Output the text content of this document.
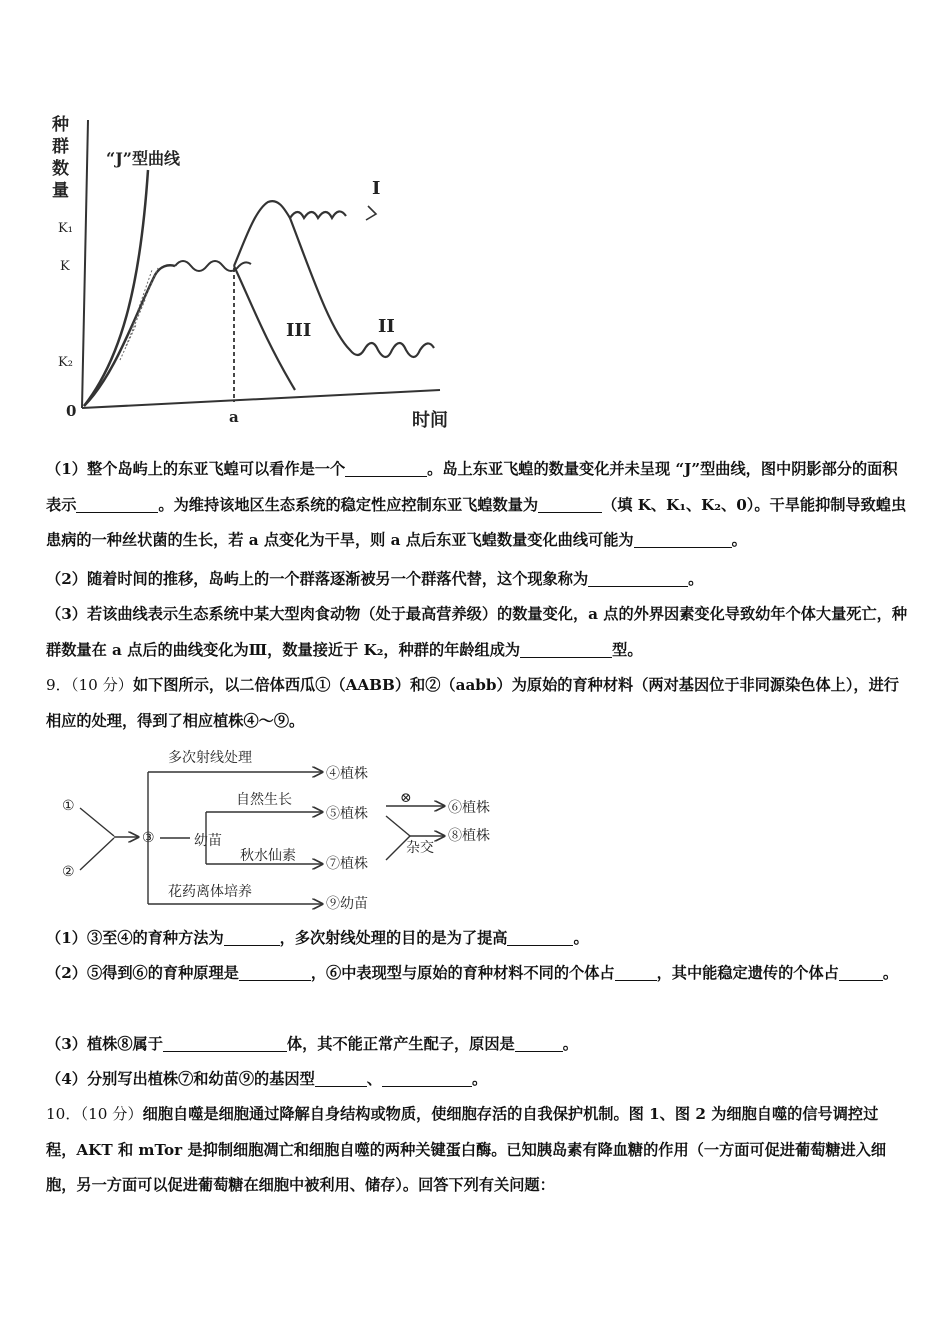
种
群
数
量
K₁
K
K₂
0	a	时间
“J”型曲线
I
II
III
（1）整个岛屿上的东亚飞蝗可以看作是一个	。岛上东亚飞蝗的数量变化并未呈现 “J”型曲线，图中阴影部分的面积表示	。为维持该地区生态系统的稳定性应控制东亚飞蝗数量为	（填 K、K₁、K₂、0）。干旱能抑制导致蝗虫患病的一种丝状菌的生长，若 a 点变化为干旱，则 a 点后东亚飞蝗数量变化曲线可能为	。
（2）随着时间的推移，岛屿上的一个群落逐渐被另一个群落代替，这个现象称为	。
（3）若该曲线表示生态系统中某大型肉食动物（处于最高营养级）的数量变化，a 点的外界因素变化导致幼年个体大量死亡，种群数量在 a 点后的曲线变化为Ⅲ，数量接近于 K₂，种群的年龄组成为	型。
9．（10 分）如下图所示，以二倍体西瓜①（AABB）和②（aabb）为原始的育种材料（两对基因位于非同源染色体上），进行相应的处理，得到了相应植株④～⑨。
①
②
③	幼苗
多次射线处理
④植株
自然生长
⑤植株
⊗
⑥植株
秋水仙素 ⑦植株
杂交
⑧植株
花药离体培养
⑨幼苗
（1）③至④的育种方法为	，多次射线处理的目的是为了提高	。
（2）⑤得到⑥的育种原理是	，⑥中表现型与原始的育种材料不同的个体占	，其中能稳定遗传的个体占	。
（3）植株⑧属于	体，其不能正常产生配子，原因是	。
（4）分别写出植株⑦和幼苗⑨的基因型	、	。
10．（10 分）细胞自噬是细胞通过降解自身结构或物质，使细胞存活的自我保护机制。图 1、图 2 为细胞自噬的信号调控过程，AKT 和 mTor 是抑制细胞凋亡和细胞自噬的两种关键蛋白酶。已知胰岛素有降血糖的作用（一方面可促进葡萄糖进入细胞，另一方面可以促进葡萄糖在细胞中被利用、储存）。回答下列有关问题：
